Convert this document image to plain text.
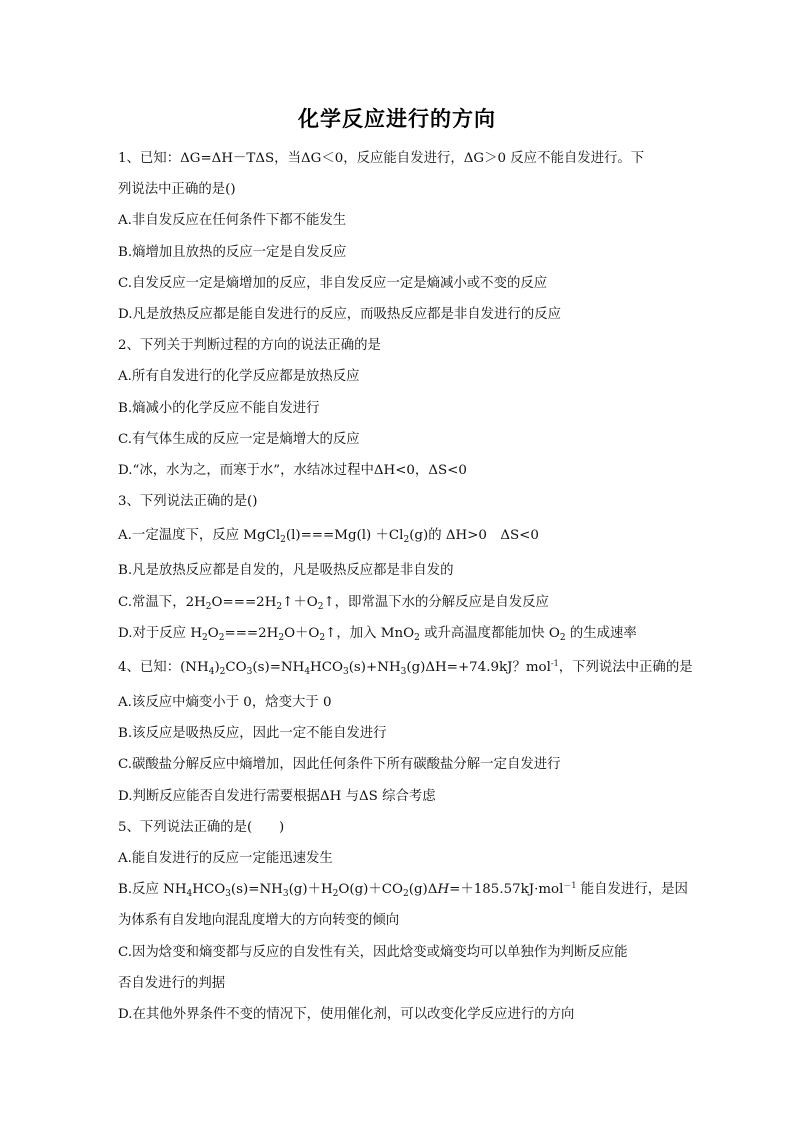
化学反应进行的方向
1、已知：ΔG=ΔH－TΔS，当ΔG＜0，反应能自发进行，ΔG＞0 反应不能自发进行。下
列说法中正确的是()
A.非自发反应在任何条件下都不能发生
B.熵增加且放热的反应一定是自发反应
C.自发反应一定是熵增加的反应，非自发反应一定是熵减小或不变的反应
D.凡是放热反应都是能自发进行的反应，而吸热反应都是非自发进行的反应
2、下列关于判断过程的方向的说法正确的是
A.所有自发进行的化学反应都是放热反应
B.熵减小的化学反应不能自发进行
C.有气体生成的反应一定是熵增大的反应
D.“冰，水为之，而寒于水”，水结冰过程中ΔH<0，ΔS<0
3、下列说法正确的是()
A.一定温度下，反应 MgCl$_2$(l)===Mg(l) $+Cl_2(g)$的 ΔH>0　ΔS<0
B.凡是放热反应都是自发的，凡是吸热反应都是非自发的
C.常温下，$2H_2O===2H_2↑+O_2↑$，即常温下水的分解反应是自发反应
D.对于反应 $H_2O_2===2H_2O+O_2↑$，加入 MnO$_2$ 或升高温度都能加快 $O_2$ 的生成速率
4、已知：$(NH_4)_2CO_3(s)=NH_4HCO_3(s)+NH_3(g)\Delta H=+74.9kJ$？mol$^{-1}$，下列说法中正确的是
A.该反应中熵变小于 0，焓变大于 0
B.该反应是吸热反应，因此一定不能自发进行
C.碳酸盐分解反应中熵增加，因此任何条件下所有碳酸盐分解一定自发进行
D.判断反应能否自发进行需要根据ΔH 与ΔS 综合考虑
5、下列说法正确的是(　　)
A.能自发进行的反应一定能迅速发生
B.反应 $NH_4HCO_3(s)=NH_3(g)+H_2O(g)+CO_2(g)\Delta H=+185.57kJ\cdot mol^{-1}$ 能自发进行，是因
为体系有自发地向混乱度增大的方向转变的倾向
C.因为焓变和熵变都与反应的自发性有关，因此焓变或熵变均可以单独作为判断反应能
否自发进行的判据
D.在其他外界条件不变的情况下，使用催化剂，可以改变化学反应进行的方向
